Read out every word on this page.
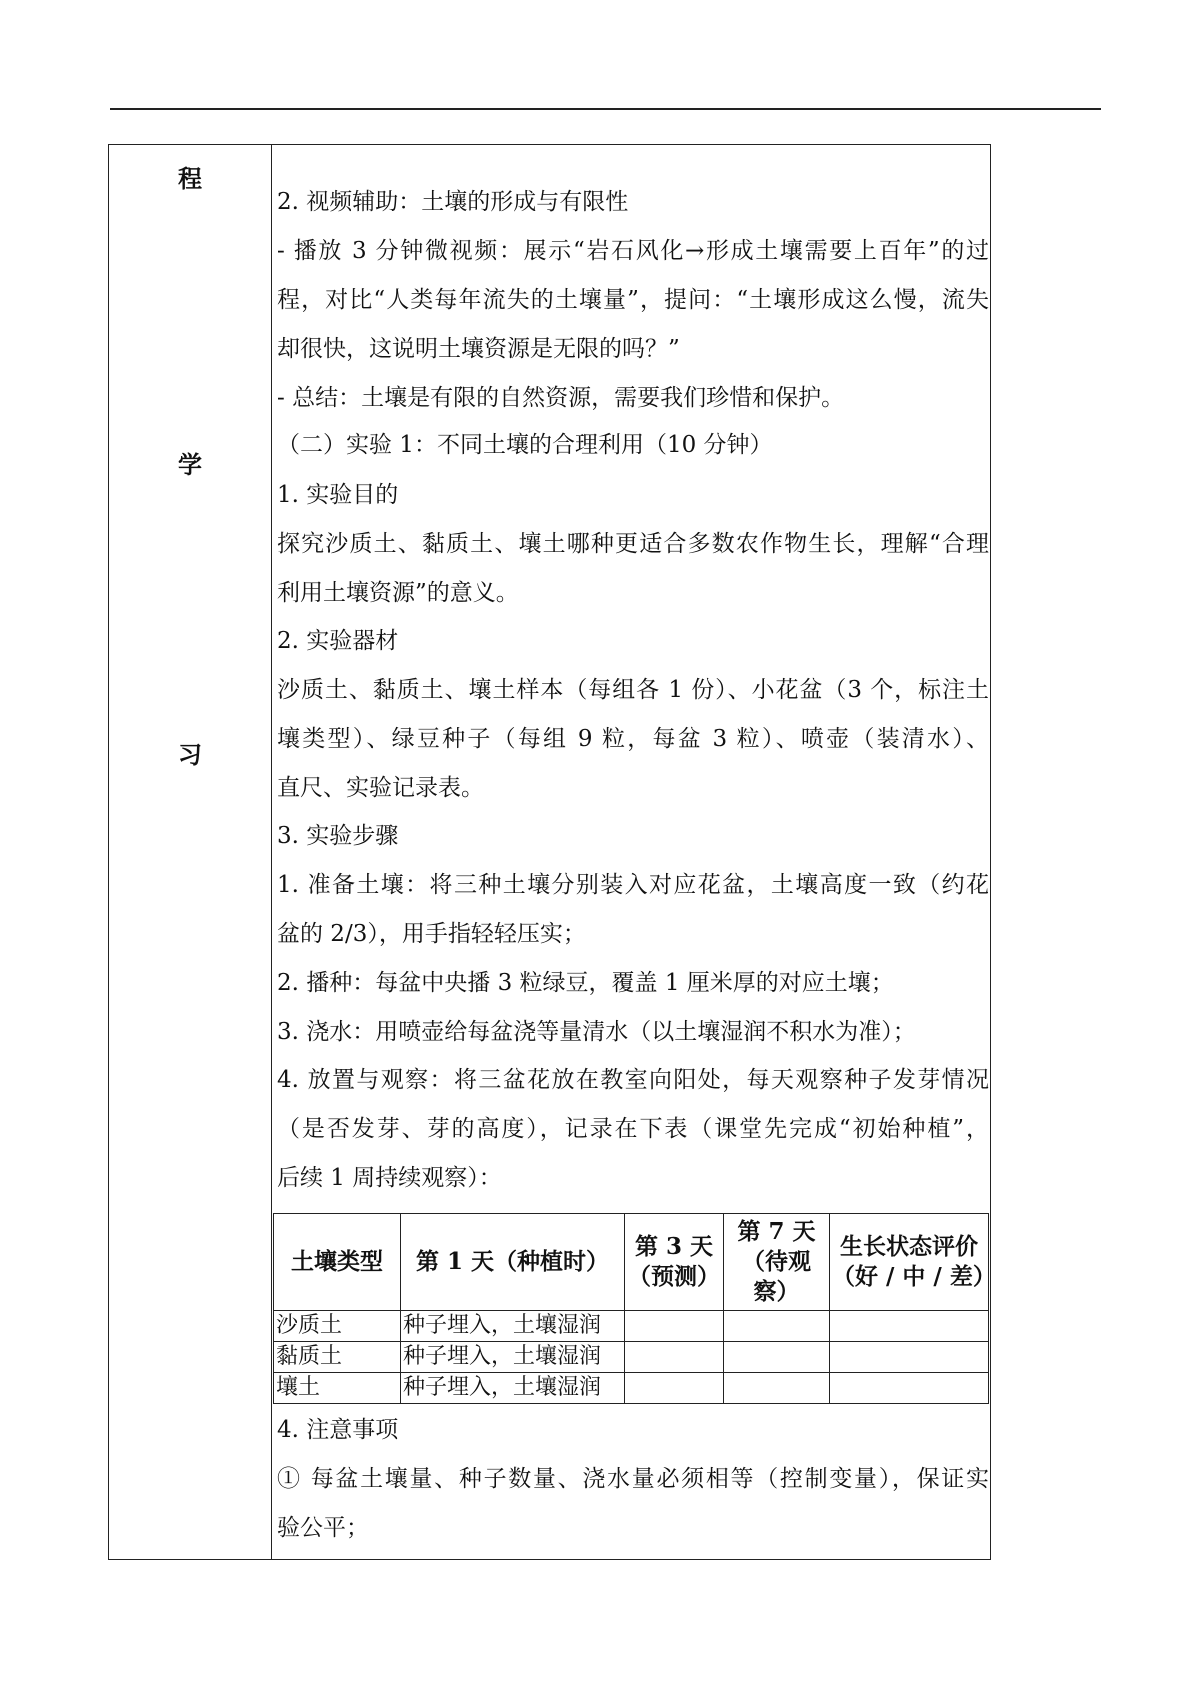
程
学
习
2. 视频辅助：土壤的形成与有限性
- 播放 3 分钟微视频：展示“岩石风化→形成土壤需要上百年”的过
程，对比“人类每年流失的土壤量”，提问：“土壤形成这么慢，流失
却很快，这说明土壤资源是无限的吗？”
- 总结：土壤是有限的自然资源，需要我们珍惜和保护。
（二）实验 1：不同土壤的合理利用（10 分钟）
1. 实验目的
探究沙质土、黏质土、壤土哪种更适合多数农作物生长，理解“合理
利用土壤资源”的意义。
2. 实验器材
沙质土、黏质土、壤土样本（每组各 1 份）、小花盆（3 个，标注土
壤类型）、绿豆种子（每组 9 粒，每盆 3 粒）、喷壶（装清水）、
直尺、实验记录表。
3. 实验步骤
1. 准备土壤：将三种土壤分别装入对应花盆，土壤高度一致（约花
盆的 2/3），用手指轻轻压实；
2. 播种：每盆中央播 3 粒绿豆，覆盖 1 厘米厚的对应土壤；
3. 浇水：用喷壶给每盆浇等量清水（以土壤湿润不积水为准）；
4. 放置与观察：将三盆花放在教室向阳处，每天观察种子发芽情况
（是否发芽、芽的高度），记录在下表（课堂先完成“初始种植”，
后续 1 周持续观察）：
土壤类型	第 1 天（种植时）	第 3 天（预测）	第 7 天（待观察）	生长状态评价（好 / 中 / 差）
沙质土	种子埋入，土壤湿润			
黏质土	种子埋入，土壤湿润			
壤土	种子埋入，土壤湿润			
4. 注意事项
① 每盆土壤量、种子数量、浇水量必须相等（控制变量），保证实
验公平；
